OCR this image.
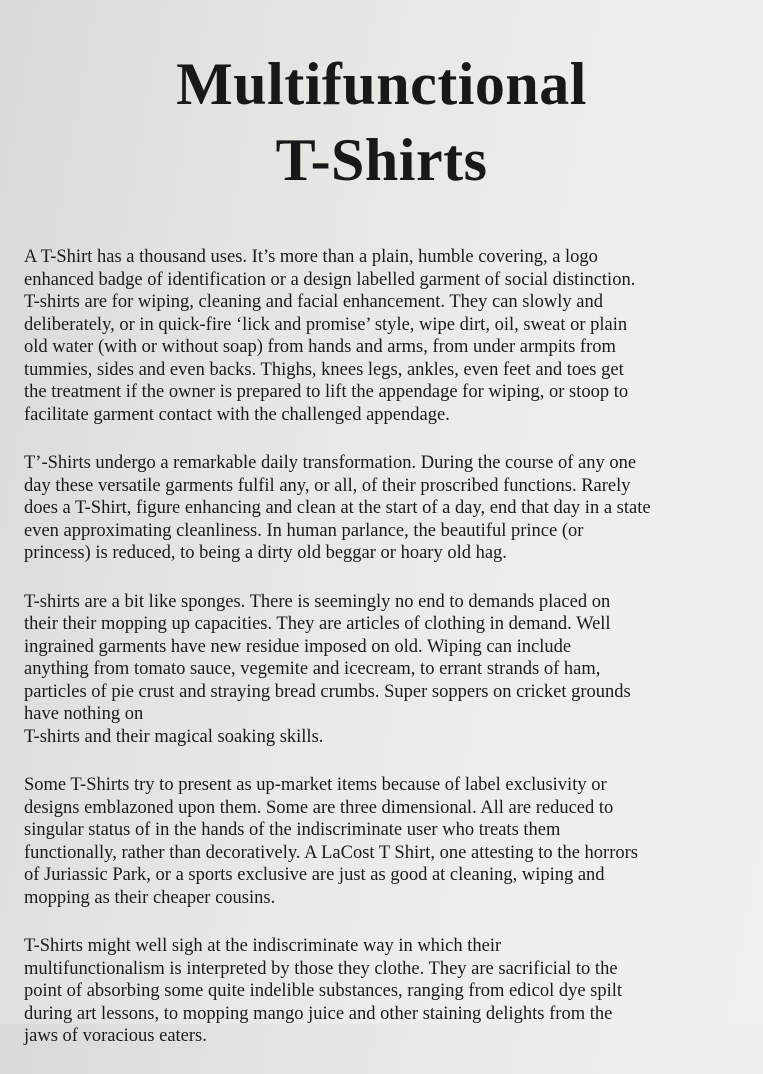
Multifunctional
T-Shirts

A T-Shirt has a thousand uses. It’s more than a plain, humble covering, a logo
enhanced badge of identification or a design labelled garment of social distinction.
T-shirts are for wiping, cleaning and facial enhancement. They can slowly and
deliberately, or in quick-fire ‘lick and promise’ style, wipe dirt, oil, sweat or plain
old water (with or without soap) from hands and arms, from under armpits from
tummies, sides and even backs. Thighs, knees legs, ankles, even feet and toes get
the treatment if the owner is prepared to lift the appendage for wiping, or stoop to
facilitate garment contact with the challenged appendage.

T’-Shirts undergo a remarkable daily transformation. During the course of any one
day these versatile garments fulfil any, or all, of their proscribed functions. Rarely
does a T-Shirt, figure enhancing and clean at the start of a day, end that day in a state
even approximating cleanliness. In human parlance, the beautiful prince (or
princess) is reduced, to being a dirty old beggar or hoary old hag.

T-shirts are a bit like sponges. There is seemingly no end to demands placed on
their their mopping up capacities. They are articles of clothing in demand. Well
ingrained garments have new residue imposed on old. Wiping can include
anything from tomato sauce, vegemite and icecream, to errant strands of ham,
particles of pie crust and straying bread crumbs. Super soppers on cricket grounds
have nothing on
T-shirts and their magical soaking skills.

Some T-Shirts try to present as up-market items because of label exclusivity or
designs emblazoned upon them. Some are three dimensional. All are reduced to
singular status of in the hands of the indiscriminate user who treats them
functionally, rather than decoratively. A LaCost T Shirt, one attesting to the horrors
of Juriassic Park, or a sports exclusive are just as good at cleaning, wiping and
mopping as their cheaper cousins.

T-Shirts might well sigh at the indiscriminate way in which their
multifunctionalism is interpreted by those they clothe. They are sacrificial to the
point of absorbing some quite indelible substances, ranging from edicol dye spilt
during art lessons, to mopping mango juice and other staining delights from the
jaws of voracious eaters.
